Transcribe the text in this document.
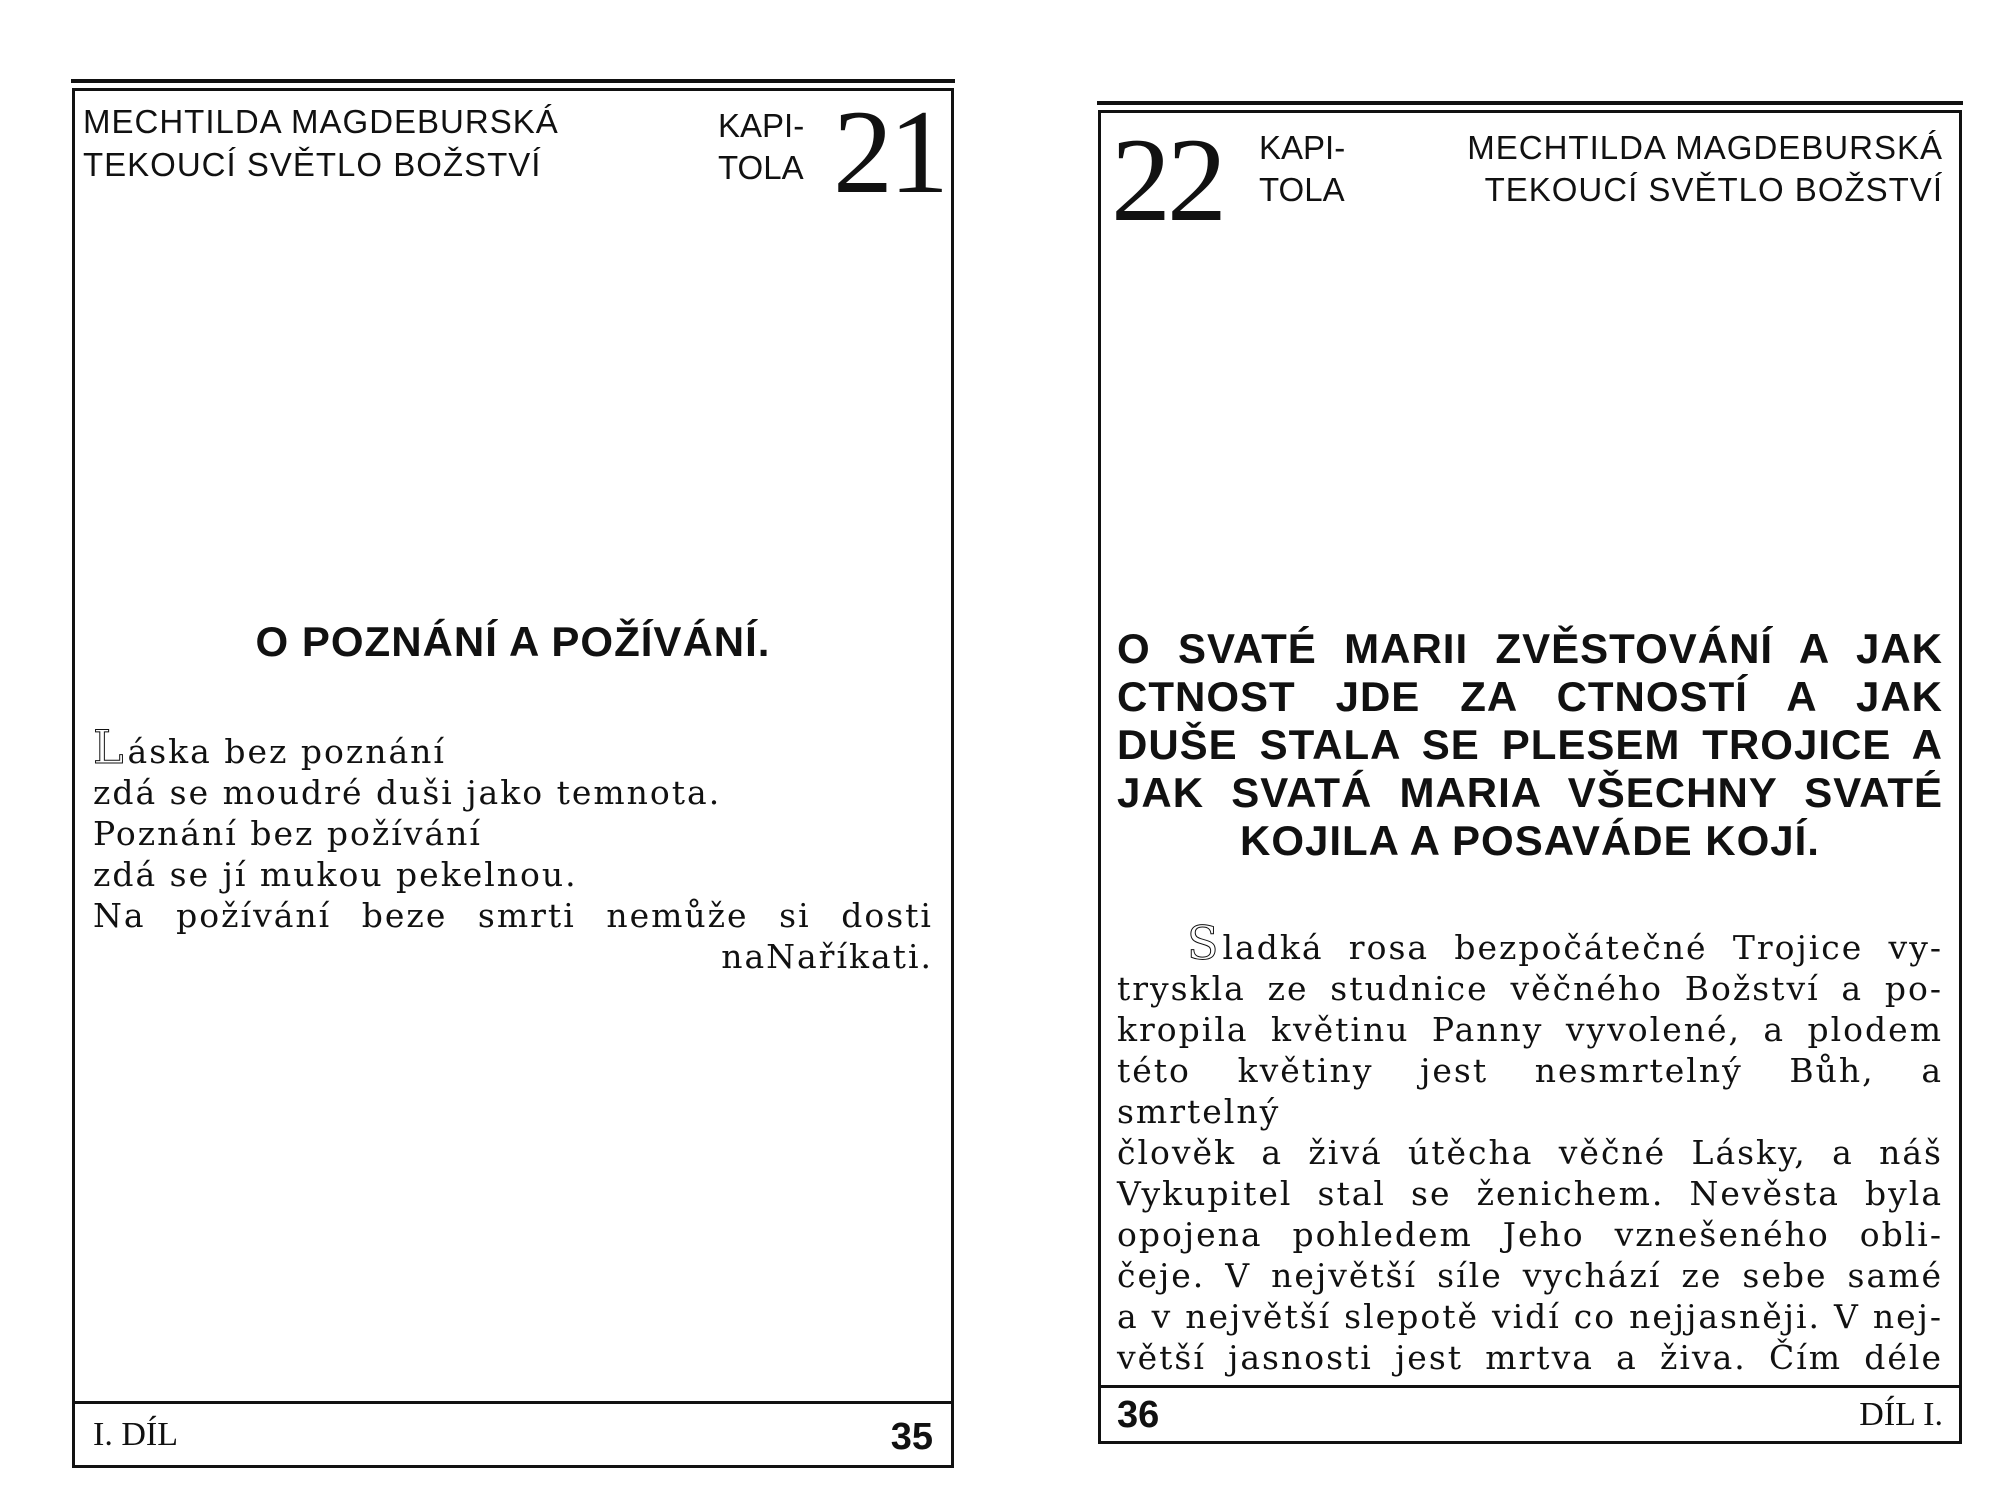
MECHTILDA MAGDEBURSKÁ
TEKOUCÍ SVĚTLO BOŽSTVÍ
KAPI-
TOLA 21
O POZNÁNÍ A POŽÍVÁNÍ.
Láska bez poznání
zdá se moudré duši jako temnota.
Poznání bez požívání
zdá se jí mukou pekelnou.
Na požívání beze smrti nemůže si dosti
naNaříkati.
I. DÍL	35
22 KAPI-
TOLA
MECHTILDA MAGDEBURSKÁ
TEKOUCÍ SVĚTLO BOŽSTVÍ
O SVATÉ MARII ZVĚSTOVÁNÍ A JAK
CTNOST JDE ZA CTNOSTÍ A JAK
DUŠE STALA SE PLESEM TROJICE A
JAK SVATÁ MARIA VŠECHNY SVATÉ
KOJILA A POSAVÁDE KOJÍ.
Sladká rosa bezpočátečné Trojice vy-
tryskla ze studnice věčného Božství a po-
kropila květinu Panny vyvolené, a plodem
této květiny jest nesmrtelný Bůh, a smrtelný
člověk a živá útěcha věčné Lásky, a náš
Vykupitel stal se ženichem. Nevěsta byla
opojena pohledem Jeho vznešeného obli-
čeje. V největší síle vychází ze sebe samé
a v největší slepotě vidí co nejjasněji. V nej-
větší jasnosti jest mrtva a živa. Čím déle
36	DÍL I.
